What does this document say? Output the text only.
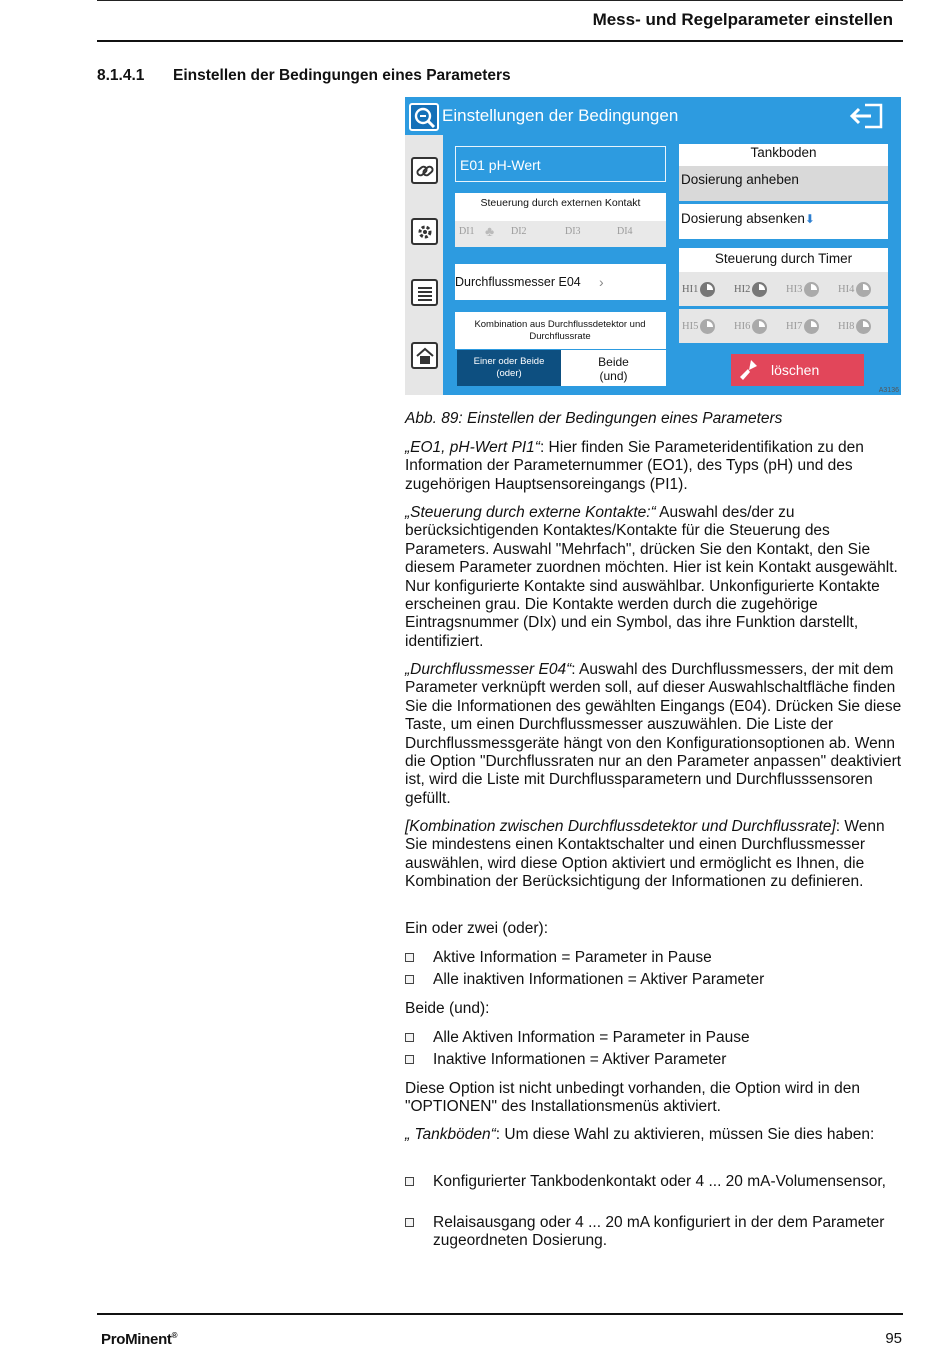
Mess- und Regelparameter einstellen
8.1.4.1 Einstellen der Bedingungen eines Parameters
Einstellungen der Bedingungen
E01 pH-Wert
Steuerung durch externen Kontakt
DI1 ♣ DI2	DI3	DI4
Durchflussmesser E04 ›
Kombination aus Durchflussdetektor und Durchflussrate
Einer oder Beide
(oder)
Beide
(und)
Tankboden
Dosierung anheben
Dosierung absenken⬇
Steuerung durch Timer
HI1	HI2	HI3	HI4
HI5	HI6	HI7	HI8
löschen
A3136
Abb. 89: Einstellen der Bedingungen eines Parameters

„EO1, pH-Wert PI1“: Hier finden Sie Parameteridentifikation zu den Information der Parameternummer (EO1), des Typs (pH) und des zugehörigen Hauptsensoreingangs (PI1).

„Steuerung durch externe Kontakte:“ Auswahl des/der zu berücksichtigenden Kontaktes/Kontakte für die Steuerung des Parameters. Auswahl "Mehrfach", drücken Sie den Kontakt, den Sie diesem Parameter zuordnen möchten. Hier ist kein Kontakt ausgewählt. Nur konfigurierte Kontakte sind auswählbar. Unkonfigurierte Kontakte erscheinen grau. Die Kontakte werden durch die zugehörige Eintragsnummer (DIx) und ein Symbol, das ihre Funktion darstellt, identifiziert.

„Durchflussmesser E04“: Auswahl des Durchflussmessers, der mit dem Parameter verknüpft werden soll, auf dieser Auswahlschaltfläche finden Sie die Informationen des gewählten Eingangs (E04). Drücken Sie diese Taste, um einen Durchflussmesser auszuwählen. Die Liste der Durchflussmessgeräte hängt von den Konfigurationsoptionen ab. Wenn die Option "Durchflussraten nur an den Parameter anpassen" deaktiviert ist, wird die Liste mit Durchflussparametern und Durchflusssensoren gefüllt.

[Kombination zwischen Durchflussdetektor und Durchflussrate]: Wenn Sie mindestens einen Kontaktschalter und einen Durchflussmesser auswählen, wird diese Option aktiviert und ermöglicht es Ihnen, die Kombination der Berücksichtigung der Informationen zu definieren.

Ein oder zwei (oder):
Aktive Information = Parameter in Pause
Alle inaktiven Informationen = Aktiver Parameter
Beide (und):
Alle Aktiven Information = Parameter in Pause
Inaktive Informationen = Aktiver Parameter
Diese Option ist nicht unbedingt vorhanden, die Option wird in den "OPTIONEN" des Installationsmenüs aktiviert.

„ Tankböden“: Um diese Wahl zu aktivieren, müssen Sie dies haben:

Konfigurierter Tankbodenkontakt oder 4 ... 20 mA-Volumensensor,
Relaisausgang oder 4 ... 20 mA konfiguriert in der dem Parameter zugeordneten Dosierung.
ProMinent®	95
